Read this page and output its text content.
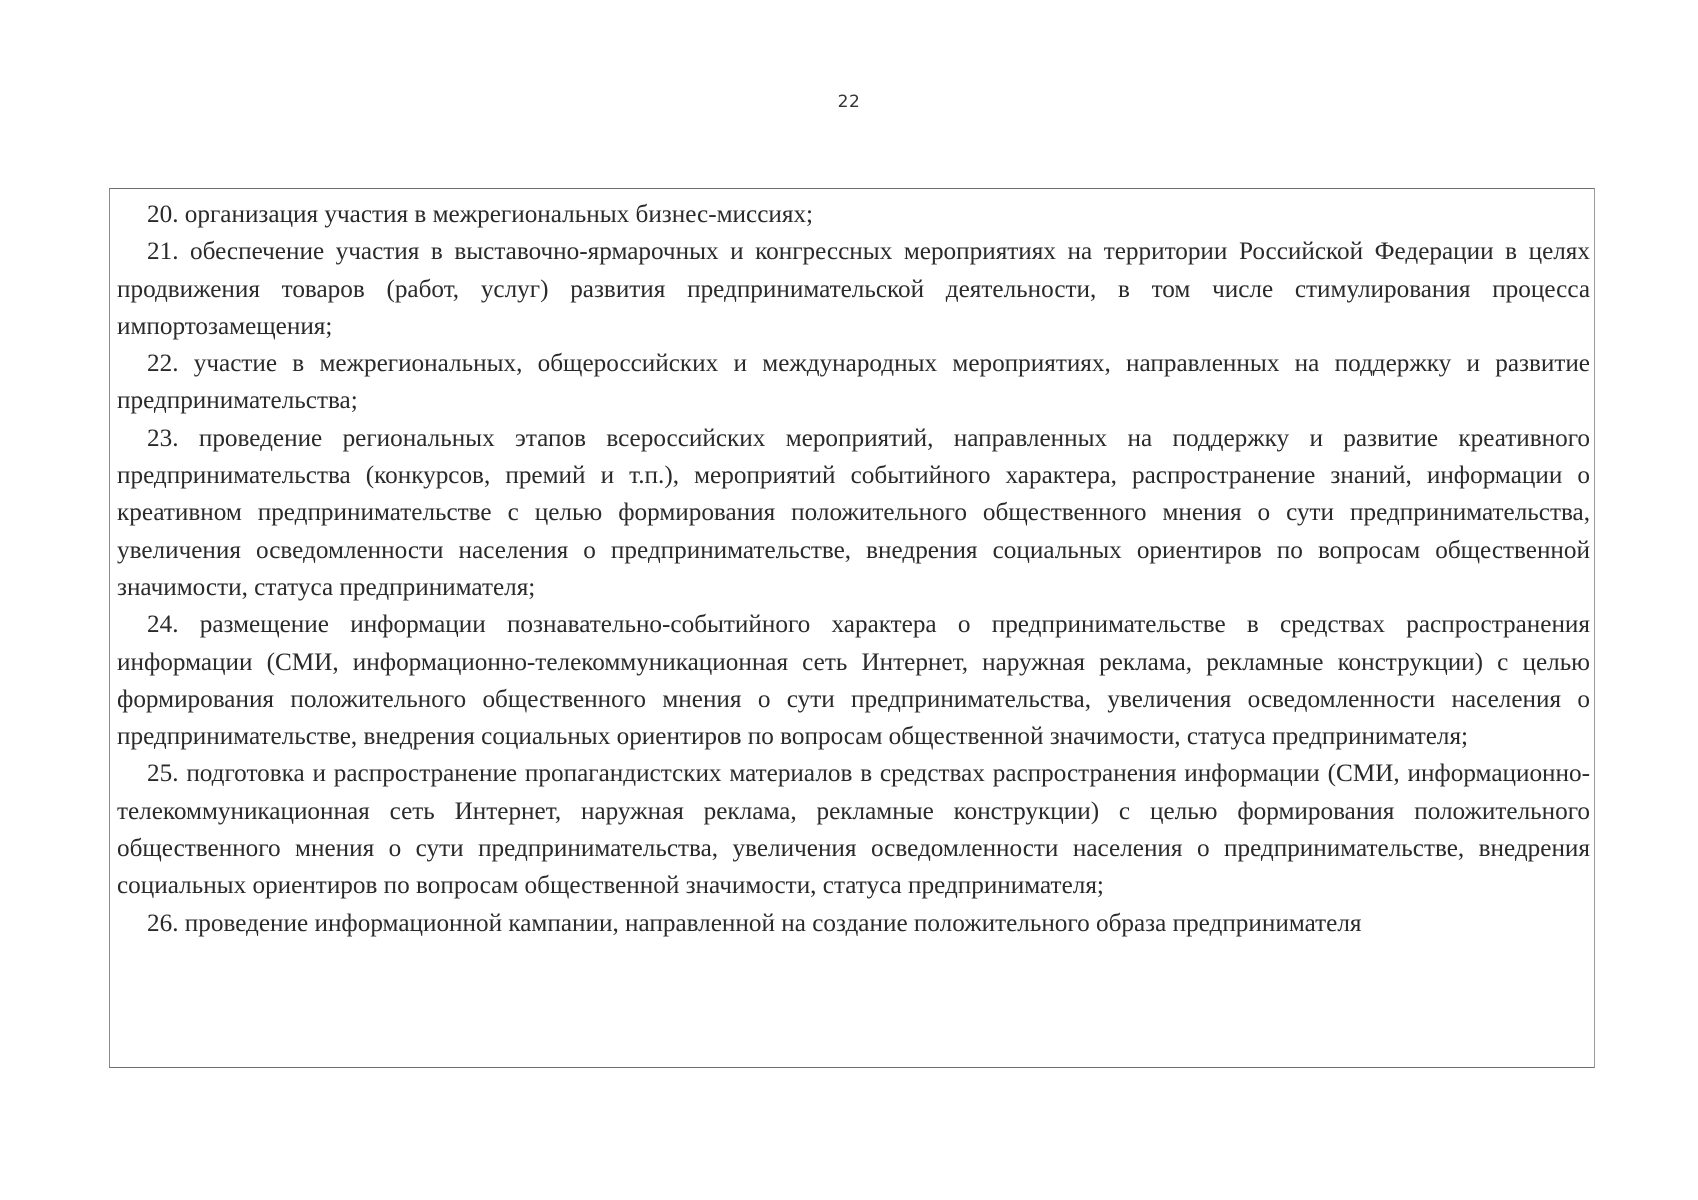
22

20. организация участия в межрегиональных бизнес-миссиях;

21. обеспечение участия в выставочно-ярмарочных и конгрессных мероприятиях на территории Российской Федерации в целях продвижения товаров (работ, услуг) развития предпринимательской деятельности, в том числе стимулирования процесса импортозамещения;

22. участие в межрегиональных, общероссийских и международных мероприятиях, направленных на поддержку и развитие предпринимательства;

23. проведение региональных этапов всероссийских мероприятий, направленных на поддержку и развитие креативного предпринимательства (конкурсов, премий и т.п.), мероприятий событийного характера, распространение знаний, информации о креативном предпринимательстве с целью формирования положительного общественного мнения о сути предпринимательства, увеличения осведомленности населения о предпринимательстве, внедрения социальных ориентиров по вопросам общественной значимости, статуса предпринимателя;

24. размещение информации познавательно-событийного характера о предпринимательстве в средствах распространения информации (СМИ, информационно-телекоммуникационная сеть Интернет, наружная реклама, рекламные конструкции) с целью формирования положительного общественного мнения о сути предпринимательства, увеличения осведомленности населения о предпринимательстве, внедрения социальных ориентиров по вопросам общественной значимости, статуса предпринимателя;

25. подготовка и распространение пропагандистских материалов в средствах распространения информации (СМИ, информационно-телекоммуникационная сеть Интернет, наружная реклама, рекламные конструкции) с целью формирования положительного общественного мнения о сути предпринимательства, увеличения осведомленности населения о предпринимательстве, внедрения социальных ориентиров по вопросам общественной значимости, статуса предпринимателя;

26. проведение информационной кампании, направленной на создание положительного образа предпринимателя
